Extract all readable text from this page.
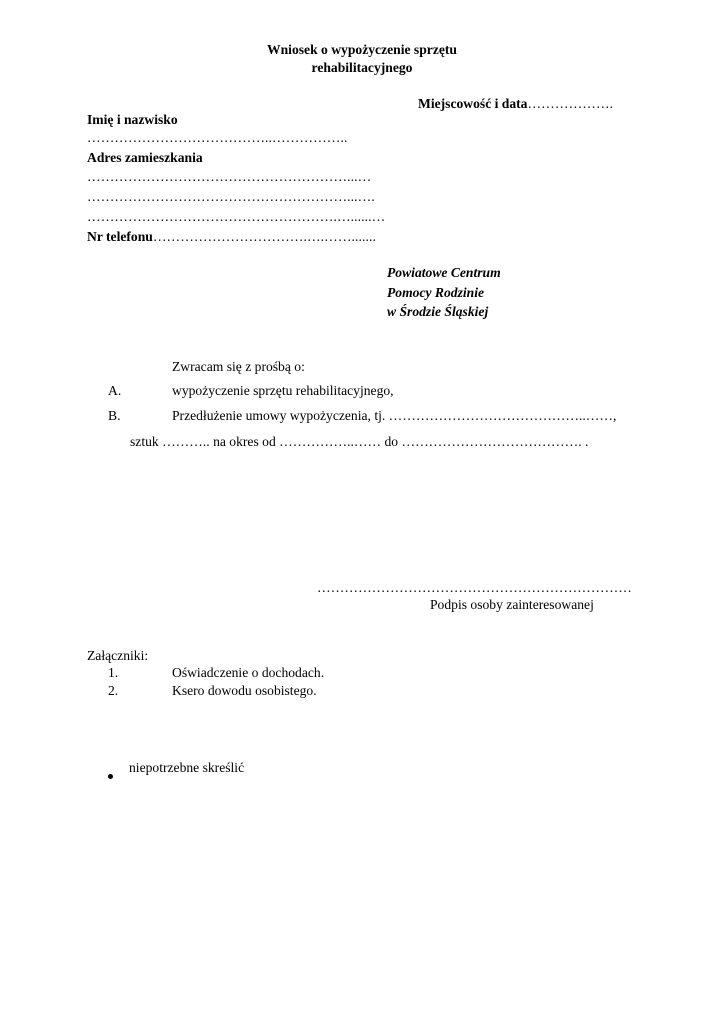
Wniosek o wypożyczenie sprzętu
rehabilitacyjnego
Miejscowość i data……………….
Imię i nazwisko
…………………………………..……………..
Adres zamieszkania
…………………………………………………...…
…………………………………………………...….
……………………………………………….…......…
Nr telefonu…………………………….….…….......
Powiatowe Centrum
Pomocy Rodzinie
w Środzie Śląskiej
Zwracam się z prośbą o:
A.	wypożyczenie sprzętu rehabilitacyjnego,
B.	Przedłużenie umowy wypożyczenia, tj. ……………………………………..……,
sztuk ……….. na okres od ……………..…… do …………………………………. .
……………………………………………………………
Podpis osoby zainteresowanej
Załączniki:
1.	Oświadczenie o dochodach.
2.	Ksero dowodu osobistego.
niepotrzebne skreślić
